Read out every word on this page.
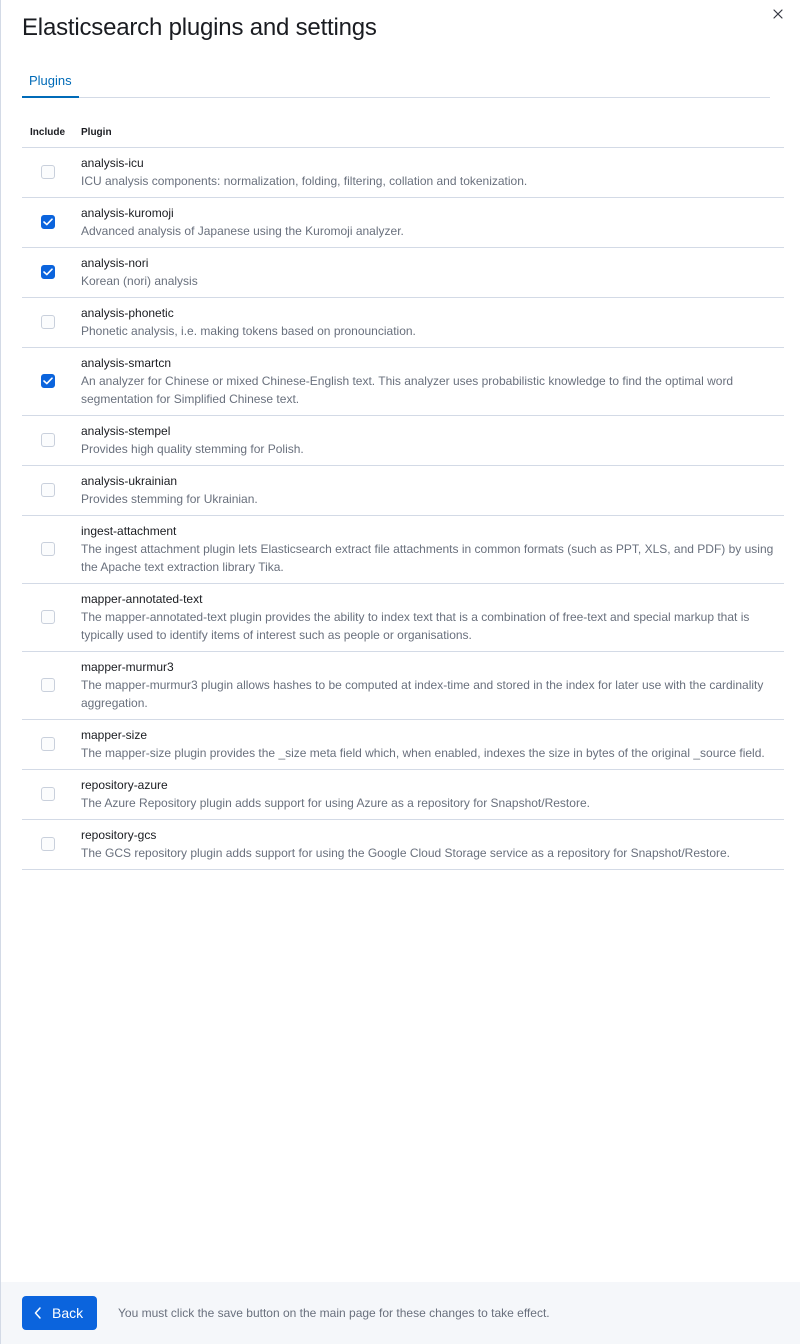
Elasticsearch plugins and settings
Plugins
Include	Plugin
analysis-icu
ICU analysis components: normalization, folding, filtering, collation and tokenization.
analysis-kuromoji
Advanced analysis of Japanese using the Kuromoji analyzer.
analysis-nori
Korean (nori) analysis
analysis-phonetic
Phonetic analysis, i.e. making tokens based on pronounciation.
analysis-smartcn
An analyzer for Chinese or mixed Chinese-English text. This analyzer uses probabilistic knowledge to find the optimal word segmentation for Simplified Chinese text.
analysis-stempel
Provides high quality stemming for Polish.
analysis-ukrainian
Provides stemming for Ukrainian.
ingest-attachment
The ingest attachment plugin lets Elasticsearch extract file attachments in common formats (such as PPT, XLS, and PDF) by using the Apache text extraction library Tika.
mapper-annotated-text
The mapper-annotated-text plugin provides the ability to index text that is a combination of free-text and special markup that is typically used to identify items of interest such as people or organisations.
mapper-murmur3
The mapper-murmur3 plugin allows hashes to be computed at index-time and stored in the index for later use with the cardinality aggregation.
mapper-size
The mapper-size plugin provides the _size meta field which, when enabled, indexes the size in bytes of the original _source field.
repository-azure
The Azure Repository plugin adds support for using Azure as a repository for Snapshot/Restore.
repository-gcs
The GCS repository plugin adds support for using the Google Cloud Storage service as a repository for Snapshot/Restore.
Back	You must click the save button on the main page for these changes to take effect.
